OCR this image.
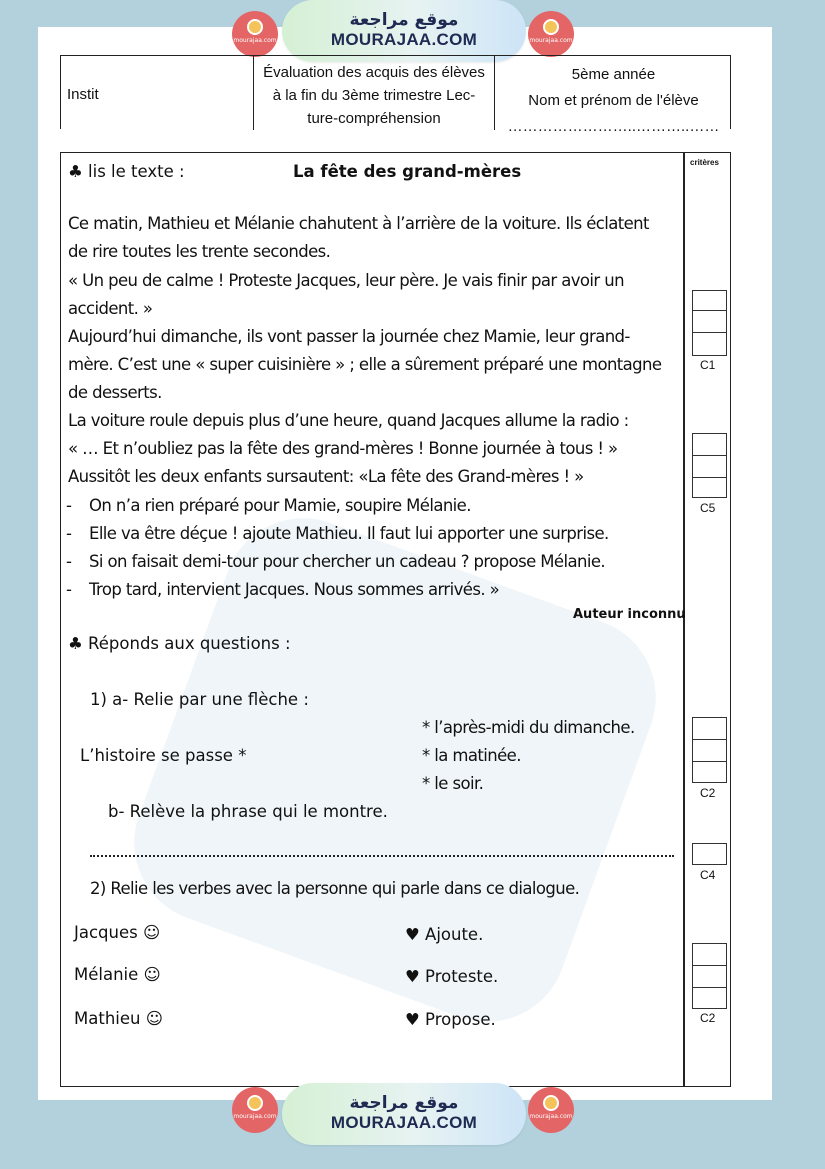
mourajaa.com
موقع مراجعة
MOURAJAA.COM	mourajaa.com
Instit
Évaluation des acquis des élèves
à la fin du 3ème trimestre Lec-
ture-compréhension
5ème année
Nom et prénom de l'élève
……………………..………..……
critères
C1
C5
C2
C4
C2
♣ lis le texte :	La fête des grand-mères
Ce matin, Mathieu et Mélanie chahutent à l’arrière de la voiture. Ils éclatent
de rire toutes les trente secondes.
« Un peu de calme ! Proteste Jacques, leur père. Je vais finir par avoir un
accident. »
Aujourd’hui dimanche, ils vont passer la journée chez Mamie, leur grand-
mère. C’est une « super cuisinière » ; elle a sûrement préparé une montagne
de desserts.
La voiture roule depuis plus d’une heure, quand Jacques allume la radio :
« … Et n’oubliez pas la fête des grand-mères ! Bonne journée à tous ! »
Aussitôt les deux enfants sursautent: «La fête des Grand-mères ! »
- On n’a rien préparé pour Mamie, soupire Mélanie.
- Elle va être déçue ! ajoute Mathieu. Il faut lui apporter une surprise.
- Si on faisait demi-tour pour chercher un cadeau ? propose Mélanie.
- Trop tard, intervient Jacques. Nous sommes arrivés. »
Auteur inconnu
♣ Réponds aux questions :
1) a- Relie par une flèche :
* l’après-midi du dimanche.
L’histoire se passe *	* la matinée.
* le soir.
b- Relève la phrase qui le montre.
2) Relie les verbes avec la personne qui parle dans ce dialogue.
Jacques ☺	♥ Ajoute.
Mélanie ☺	♥ Proteste.
Mathieu ☺	♥ Propose.
mourajaa.com
موقع مراجعة
MOURAJAA.COM	mourajaa.com
